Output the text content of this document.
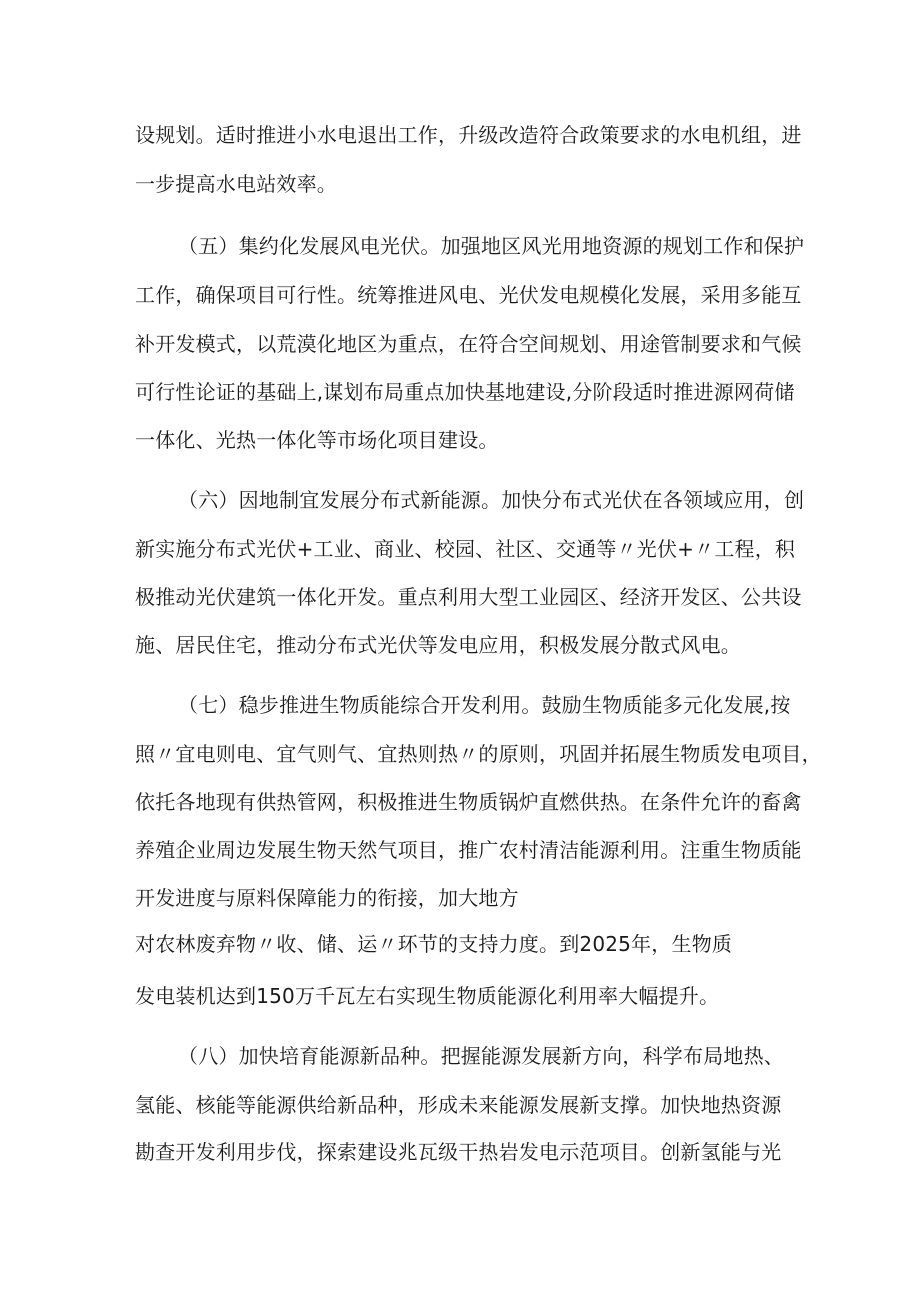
设规划。适时推进小水电退出工作，升级改造符合政策要求的水电机组，进
一步提高水电站效率。
（五）集约化发展风电光伏。加强地区风光用地资源的规划工作和保护
工作，确保项目可行性。统筹推进风电、光伏发电规模化发展，采用多能互
补开发模式，以荒漠化地区为重点，在符合空间规划、用途管制要求和气候
可行性论证的基础上,谋划布局重点加快基地建设,分阶段适时推进源网荷储
一体化、光热一体化等市场化项目建设。
（六）因地制宜发展分布式新能源。加快分布式光伏在各领域应用，创
新实施分布式光伏+工业、商业、校园、社区、交通等〃光伏+〃工程，积
极推动光伏建筑一体化开发。重点利用大型工业园区、经济开发区、公共设
施、居民住宅，推动分布式光伏等发电应用，积极发展分散式风电。
（七）稳步推进生物质能综合开发利用。鼓励生物质能多元化发展,按
照〃宜电则电、宜气则气、宜热则热〃的原则，巩固并拓展生物质发电项目，
依托各地现有供热管网，积极推进生物质锅炉直燃供热。在条件允许的畜禽
养殖企业周边发展生物天然气项目，推广农村清洁能源利用。注重生物质能
开发进度与原料保障能力的衔接，加大地方
对农林废弃物〃收、储、运〃环节的支持力度。到2025年，生物质
发电装机达到150万千瓦左右实现生物质能源化利用率大幅提升。
（八）加快培育能源新品种。把握能源发展新方向，科学布局地热、
氢能、核能等能源供给新品种，形成未来能源发展新支撑。加快地热资源
勘查开发利用步伐，探索建设兆瓦级干热岩发电示范项目。创新氢能与光
